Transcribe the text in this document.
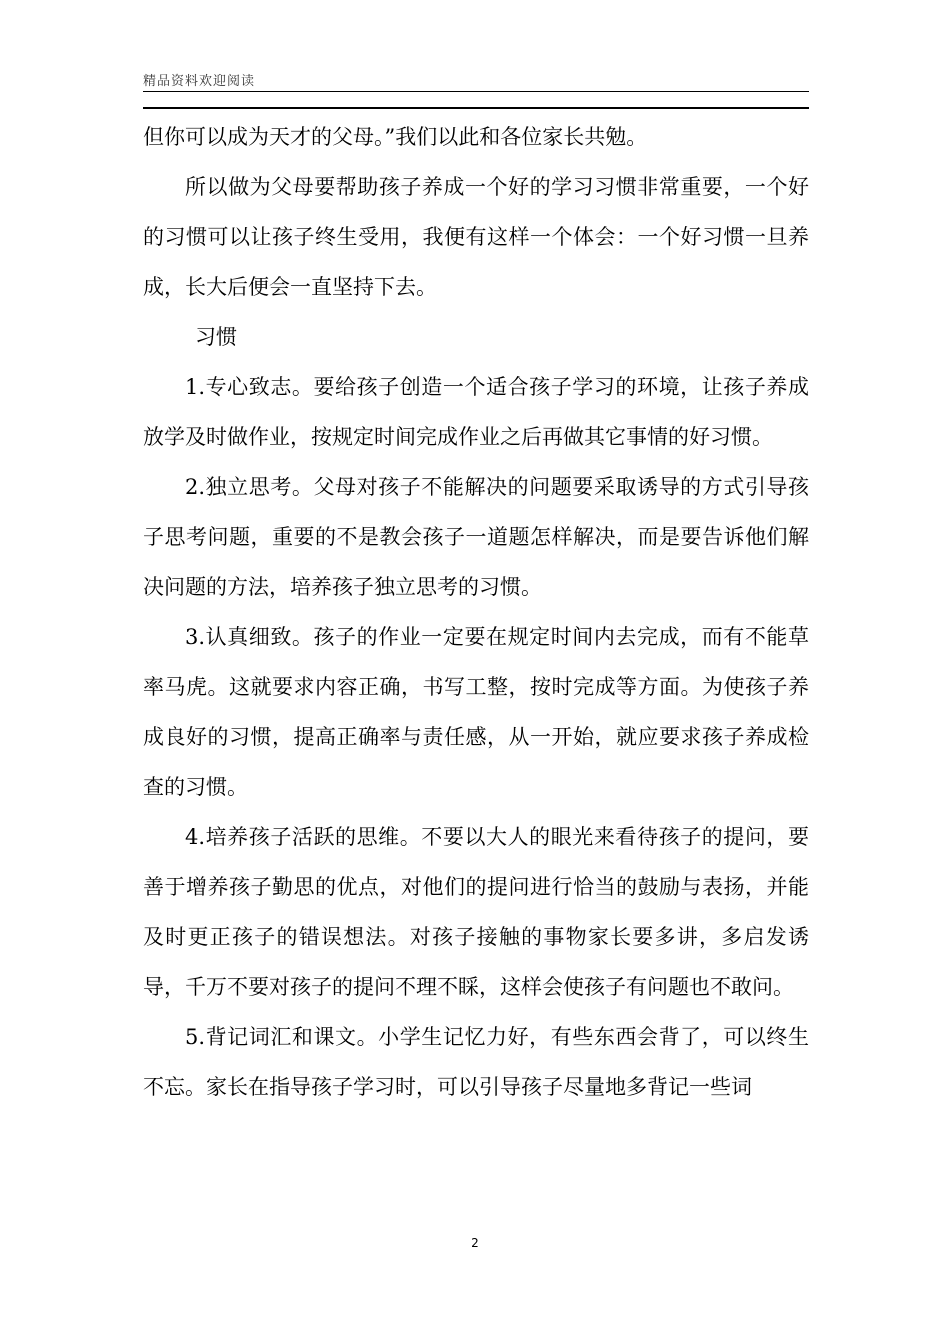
精品资料欢迎阅读

但你可以成为天才的父母。”我们以此和各位家长共勉。

所以做为父母要帮助孩子养成一个好的学习习惯非常重要，一个好的习惯可以让孩子终生受用，我便有这样一个体会：一个好习惯一旦养成，长大后便会一直坚持下去。

习惯

1.专心致志。要给孩子创造一个适合孩子学习的环境，让孩子养成放学及时做作业，按规定时间完成作业之后再做其它事情的好习惯。

2.独立思考。父母对孩子不能解决的问题要采取诱导的方式引导孩子思考问题，重要的不是教会孩子一道题怎样解决，而是要告诉他们解决问题的方法，培养孩子独立思考的习惯。

3.认真细致。孩子的作业一定要在规定时间内去完成，而有不能草率马虎。这就要求内容正确，书写工整，按时完成等方面。为使孩子养成良好的习惯，提高正确率与责任感，从一开始，就应要求孩子养成检查的习惯。

4.培养孩子活跃的思维。不要以大人的眼光来看待孩子的提问，要善于增养孩子勤思的优点，对他们的提问进行恰当的鼓励与表扬，并能及时更正孩子的错误想法。对孩子接触的事物家长要多讲，多启发诱导，千万不要对孩子的提问不理不睬，这样会使孩子有问题也不敢问。

5.背记词汇和课文。小学生记忆力好，有些东西会背了，可以终生不忘。家长在指导孩子学习时，可以引导孩子尽量地多背记一些词

2
